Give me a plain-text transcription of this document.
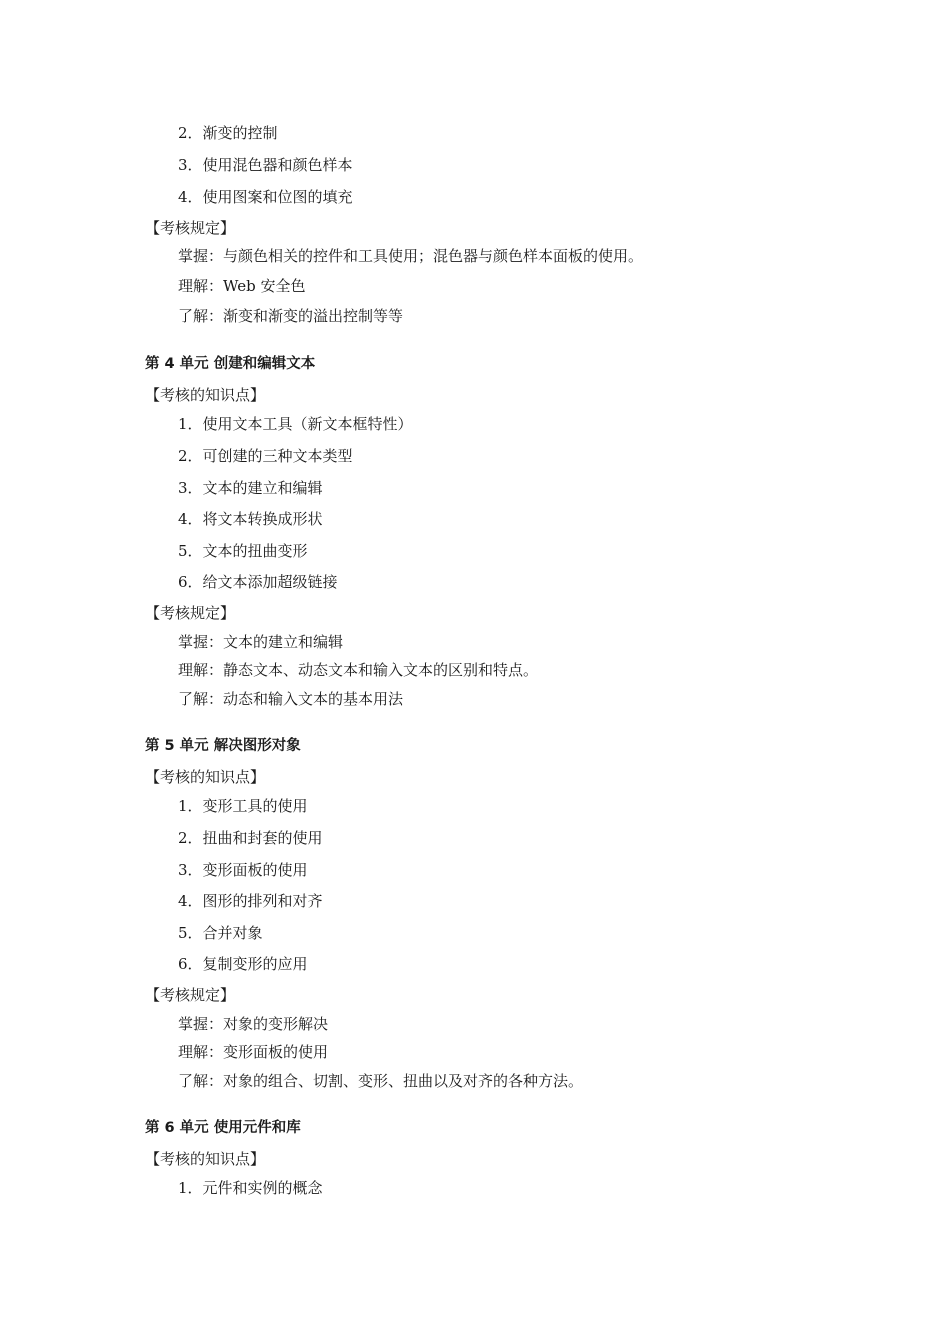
2．渐变的控制
3．使用混色器和颜色样本
4．使用图案和位图的填充
【考核规定】
掌握：与颜色相关的控件和工具使用；混色器与颜色样本面板的使用。
理解：Web 安全色
了解：渐变和渐变的溢出控制等等
第 4 单元 创建和编辑文本
【考核的知识点】
1．使用文本工具（新文本框特性）
2．可创建的三种文本类型
3．文本的建立和编辑
4．将文本转换成形状
5．文本的扭曲变形
6．给文本添加超级链接
【考核规定】
掌握：文本的建立和编辑
理解：静态文本、动态文本和输入文本的区别和特点。
了解：动态和输入文本的基本用法
第 5 单元 解决图形对象
【考核的知识点】
1．变形工具的使用
2．扭曲和封套的使用
3．变形面板的使用
4．图形的排列和对齐
5．合并对象
6．复制变形的应用
【考核规定】
掌握：对象的变形解决
理解：变形面板的使用
了解：对象的组合、切割、变形、扭曲以及对齐的各种方法。
第 6 单元 使用元件和库
【考核的知识点】
1．元件和实例的概念
